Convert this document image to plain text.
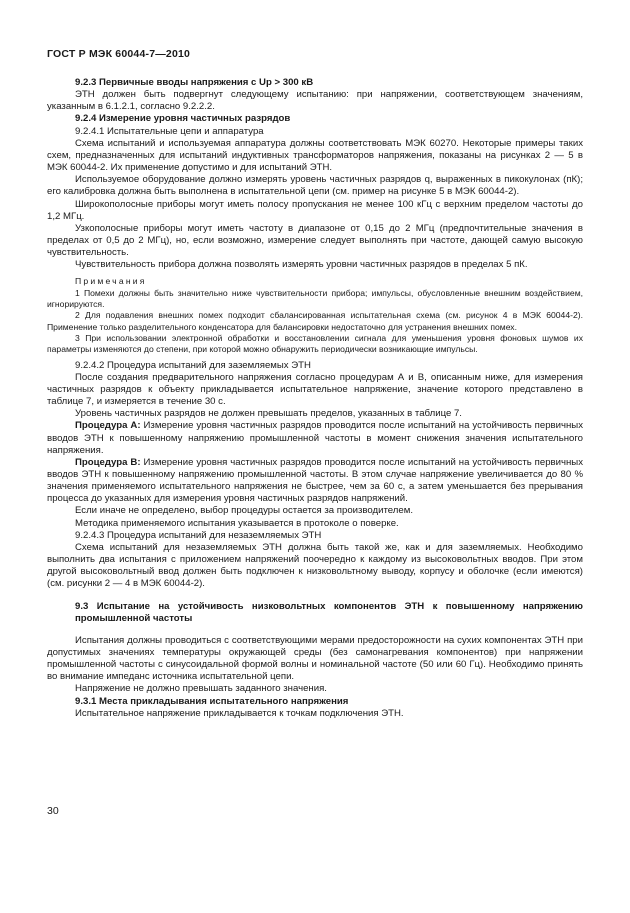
ГОСТ Р МЭК 60044-7—2010

9.2.3 Первичные вводы напряжения с Up > 300 кВ

ЭТН должен быть подвергнут следующему испытанию: при напряжении, соответствующем значениям, указанным в 6.1.2.1, согласно 9.2.2.2.

9.2.4 Измерение уровня частичных разрядов

9.2.4.1 Испытательные цепи и аппаратура

Схема испытаний и используемая аппаратура должны соответствовать МЭК 60270. Некоторые примеры таких схем, предназначенных для испытаний индуктивных трансформаторов напряжения, показаны на рисунках 2 — 5 в МЭК 60044-2. Их применение допустимо и для испытаний ЭТН.

Используемое оборудование должно измерять уровень частичных разрядов q, выраженных в пикокулонах (пК); его калибровка должна быть выполнена в испытательной цепи (см. пример на рисунке 5 в МЭК 60044-2).

Широкополосные приборы могут иметь полосу пропускания не менее 100 кГц с верхним пределом частоты до 1,2 МГц.

Узкополосные приборы могут иметь частоту в диапазоне от 0,15 до 2 МГц (предпочтительные значения в пределах от 0,5 до 2 МГц), но, если возможно, измерение следует выполнять при частоте, дающей самую высокую чувствительность.

Чувствительность прибора должна позволять измерять уровни частичных разрядов в пределах 5 пК.

Примечания

1 Помехи должны быть значительно ниже чувствительности прибора; импульсы, обусловленные внешним воздействием, игнорируются.

2 Для подавления внешних помех подходит сбалансированная испытательная схема (см. рисунок 4 в МЭК 60044-2). Применение только разделительного конденсатора для балансировки недостаточно для устранения внешних помех.

3 При использовании электронной обработки и восстановлении сигнала для уменьшения уровня фоновых шумов их параметры изменяются до степени, при которой можно обнаружить периодически возникающие импульсы.

9.2.4.2 Процедура испытаний для заземляемых ЭТН

После создания предварительного напряжения согласно процедурам А и В, описанным ниже, для измерения частичных разрядов к объекту прикладывается испытательное напряжение, значение которого представлено в таблице 7, и измеряется в течение 30 с.

Уровень частичных разрядов не должен превышать пределов, указанных в таблице 7.

Процедура А: Измерение уровня частичных разрядов проводится после испытаний на устойчивость первичных вводов ЭТН к повышенному напряжению промышленной частоты в момент снижения значения испытательного напряжения.

Процедура В: Измерение уровня частичных разрядов проводится после испытаний на устойчивость первичных вводов ЭТН к повышенному напряжению промышленной частоты. В этом случае напряжение увеличивается до 80 % значения применяемого испытательного напряжения не быстрее, чем за 60 с, а затем уменьшается без прерывания процесса до указанных для измерения уровня частичных разрядов напряжений.

Если иначе не определено, выбор процедуры остается за производителем.

Методика применяемого испытания указывается в протоколе о поверке.

9.2.4.3 Процедура испытаний для незаземляемых ЭТН

Схема испытаний для незаземляемых ЭТН должна быть такой же, как и для заземляемых. Необходимо выполнить два испытания с приложением напряжений поочередно к каждому из высоковольтных вводов. При этом другой высоковольтный ввод должен быть подключен к низковольтному выводу, корпусу и оболочке (если имеются) (см. рисунки 2 — 4 в МЭК 60044-2).

9.3 Испытание на устойчивость низковольтных компонентов ЭТН к повышенному напряжению промышленной частоты

Испытания должны проводиться с соответствующими мерами предосторожности на сухих компонентах ЭТН при допустимых значениях температуры окружающей среды (без самонагревания компонентов) при напряжении промышленной частоты с синусоидальной формой волны и номинальной частоте (50 или 60 Гц). Необходимо принять во внимание импеданс источника испытательной цепи.

Напряжение не должно превышать заданного значения.

9.3.1 Места прикладывания испытательного напряжения

Испытательное напряжение прикладывается к точкам подключения ЭТН.

30
